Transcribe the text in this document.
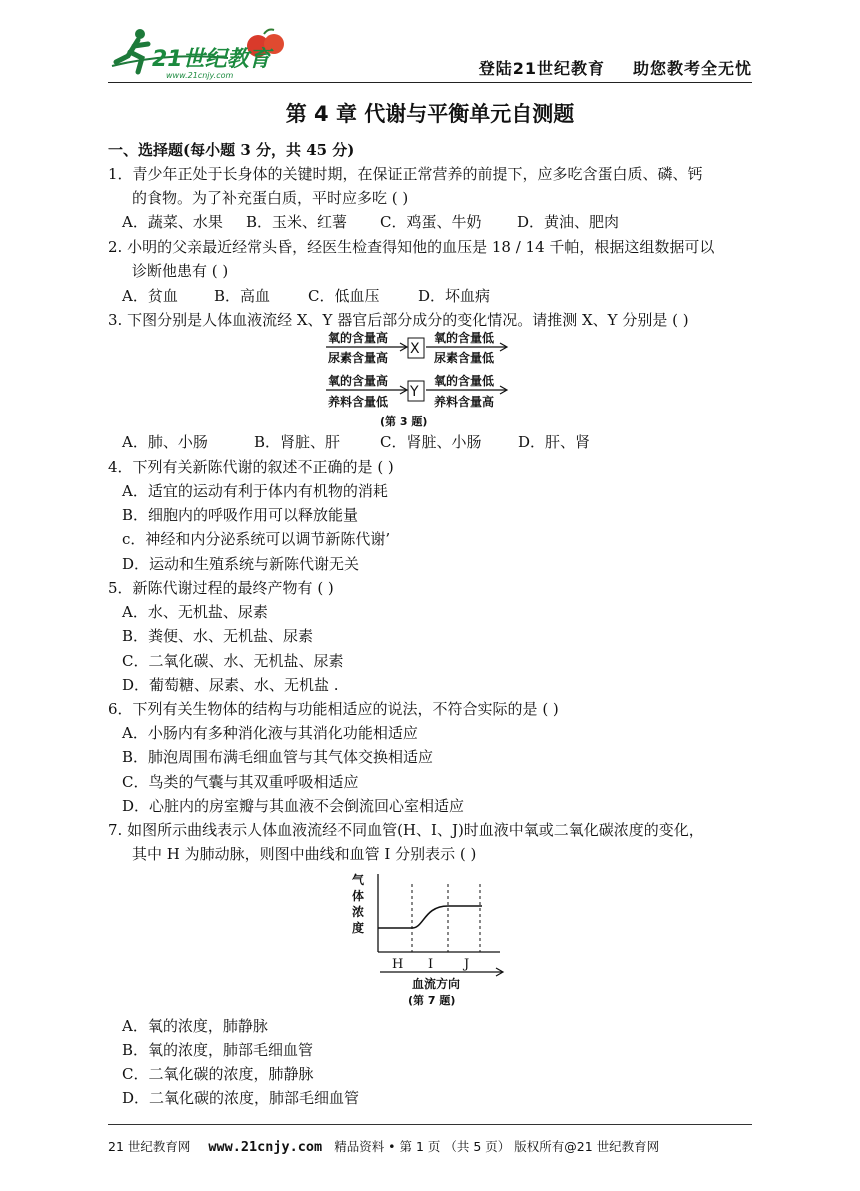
21世纪教育
www.21cnjy.com	登陆21世纪教育 助您教考全无忧
第 4 章 代谢与平衡单元自测题
一、选择题(每小题 3 分，共 45 分)
1．青少年正处于长身体的关键时期，在保证正常营养的前提下，应多吃含蛋白质、磷、钙
的食物。为了补充蛋白质，平时应多吃 ( )
A．蔬菜、水果 B．玉米、红薯 C．鸡蛋、牛奶 D．黄油、肥肉
2. 小明的父亲最近经常头昏，经医生检查得知他的血压是 18 / 14 千帕，根据这组数据可以
诊断他患有 ( )
A．贫血 B．高血	C．低血压	D．坏血病
3. 下图分别是人体血液流经 X、Y 器官后部分成分的变化情况。请推测 X、Y 分别是 ( )
氧的含量高
尿素含量高
X
氧的含量低
尿素含量低
氧的含量高
养料含量低
Y
氧的含量低
养料含量高
(第 3 题)
A．肺、小肠	B．肾脏、肝	C．肾脏、小肠 D．肝、肾
4．下列有关新陈代谢的叙述不正确的是 ( )
A．适宜的运动有利于体内有机物的消耗
B．细胞内的呼吸作用可以释放能量
c．神经和内分泌系统可以调节新陈代谢’
D．运动和生殖系统与新陈代谢无关
5．新陈代谢过程的最终产物有 ( )
A．水、无机盐、尿素
B．粪便、水、无机盐、尿素
C．二氧化碳、水、无机盐、尿素
D．葡萄糖、尿素、水、无机盐 .
6．下列有关生物体的结构与功能相适应的说法，不符合实际的是 ( )
A．小肠内有多种消化液与其消化功能相适应
B．肺泡周围布满毛细血管与其气体交换相适应
C．鸟类的气囊与其双重呼吸相适应
D．心脏内的房室瓣与其血液不会倒流回心室相适应
7. 如图所示曲线表示人体血液流经不同血管(H、I、J)时血液中氧或二氧化碳浓度的变化，
其中 H 为肺动脉，则图中曲线和血管 I 分别表示 ( )
气
体
浓
度
H I J
血流方向
(第 7 题)
A．氧的浓度，肺静脉
B．氧的浓度，肺部毛细血管
C．二氧化碳的浓度，肺静脉
D．二氧化碳的浓度，肺部毛细血管
21 世纪教育网 www.21cnjy.com 精品资料 • 第 1 页 （共 5 页） 版权所有@21 世纪教育网
